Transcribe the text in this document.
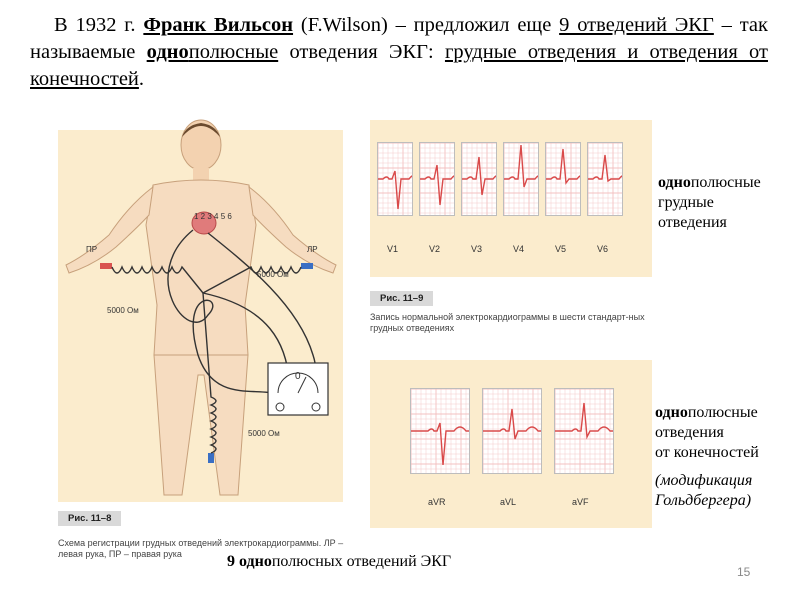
В 1932 г. Франк Вильсон (F.Wilson) – предложил еще 9 отведений ЭКГ – так называемые однополюсные отведения ЭКГ: грудные отведения и отведения от конечностей.
1 2 3 4 5 6
ПР	ЛР
5000 Ом
5000 Ом
5000 Ом
0
Рис. 11–8
Схема регистрации грудных отведений электрокардиограммы. ЛР – левая рука, ПР – правая рука
V1	V2	V3	V4	V5	V6
Рис. 11–9
Запись нормальной электрокардиограммы в шести стандарт-ных грудных отведениях
aVR	aVL	aVF
однополюсные
грудные
отведения
однополюсные
отведения
от конечностей
(модификация
Гольдбергера)
9 однополюсных отведений ЭКГ
15
